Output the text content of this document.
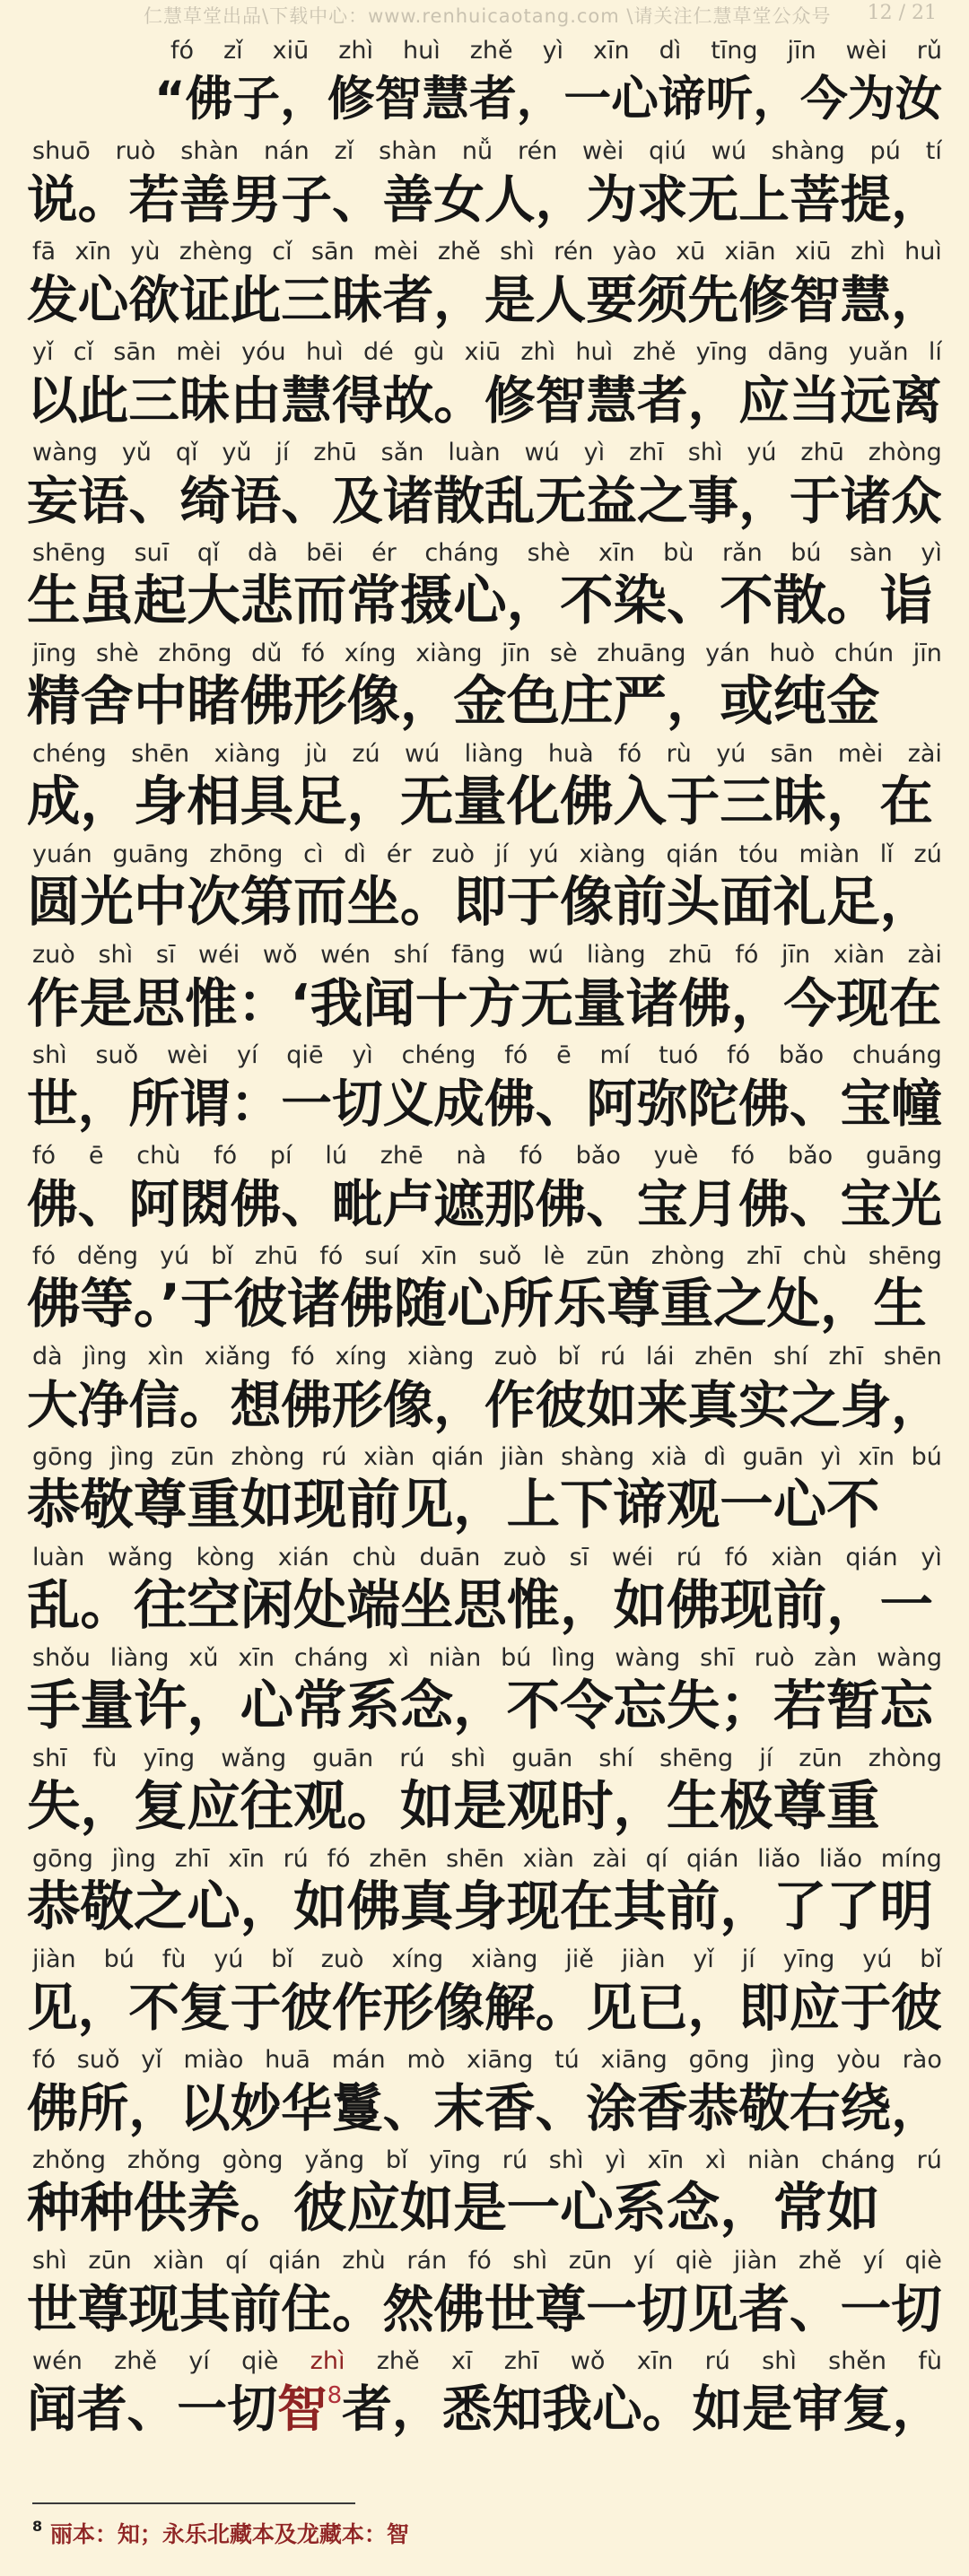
仁慧草堂出品\下载中心：www.renhuicaotang.com \请关注仁慧草堂公众号 12 / 21
fó zǐ xiū zhì huì zhě yì xīn dì tīng jīn wèi rǔ
“佛子，修智慧者，一心谛听，今为汝
shuō ruò shàn nán zǐ shàn nǚ rén wèi qiú wú shàng pú tí
说。若善男子、善女人，为求无上菩提，
fā xīn yù zhèng cǐ sān mèi zhě shì rén yào xū xiān xiū zhì huì
发心欲证此三昧者，是人要须先修智慧，
yǐ cǐ sān mèi yóu huì dé gù xiū zhì huì zhě yīng dāng yuǎn lí
以此三昧由慧得故。修智慧者，应当远离
wàng yǔ qǐ yǔ jí zhū sǎn luàn wú yì zhī shì yú zhū zhòng
妄语、绮语、及诸散乱无益之事，于诸众
shēng suī qǐ dà bēi ér cháng shè xīn bù rǎn bú sàn yì
生虽起大悲而常摄心，不染、不散。诣
jīng shè zhōng dǔ fó xíng xiàng jīn sè zhuāng yán huò chún jīn
精舍中睹佛形像，金色庄严，或纯金
chéng shēn xiàng jù zú wú liàng huà fó rù yú sān mèi zài
成，身相具足，无量化佛入于三昧，在
yuán guāng zhōng cì dì ér zuò jí yú xiàng qián tóu miàn lǐ zú
圆光中次第而坐。即于像前头面礼足，
zuò shì sī wéi wǒ wén shí fāng wú liàng zhū fó jīn xiàn zài
作是思惟：‘我闻十方无量诸佛，今现在
shì suǒ wèi yí qiē yì chéng fó ē mí tuó fó bǎo chuáng
世，所谓：一切义成佛、阿弥陀佛、宝幢
fó ē chù fó pí lú zhē nà fó bǎo yuè fó bǎo guāng
佛、阿閦佛、毗卢遮那佛、宝月佛、宝光
fó děng yú bǐ zhū fó suí xīn suǒ lè zūn zhòng zhī chù shēng
佛等。’于彼诸佛随心所乐尊重之处，生
dà jìng xìn xiǎng fó xíng xiàng zuò bǐ rú lái zhēn shí zhī shēn
大净信。想佛形像，作彼如来真实之身，
gōng jìng zūn zhòng rú xiàn qián jiàn shàng xià dì guān yì xīn bú
恭敬尊重如现前见，上下谛观一心不
luàn wǎng kòng xián chù duān zuò sī wéi rú fó xiàn qián yì
乱。往空闲处端坐思惟，如佛现前，一
shǒu liàng xǔ xīn cháng xì niàn bú lìng wàng shī ruò zàn wàng
手量许，心常系念，不令忘失；若暂忘
shī fù yīng wǎng guān rú shì guān shí shēng jí zūn zhòng
失，复应往观。如是观时，生极尊重
gōng jìng zhī xīn rú fó zhēn shēn xiàn zài qí qián liǎo liǎo míng
恭敬之心，如佛真身现在其前，了了明
jiàn bú fù yú bǐ zuò xíng xiàng jiě jiàn yǐ jí yīng yú bǐ
见，不复于彼作形像解。见已，即应于彼
fó suǒ yǐ miào huā mán mò xiāng tú xiāng gōng jìng yòu rào
佛所，以妙华鬘、末香、涂香恭敬右绕，
zhǒng zhǒng gòng yǎng bǐ yīng rú shì yì xīn xì niàn cháng rú
种种供养。彼应如是一心系念，常如
shì zūn xiàn qí qián zhù rán fó shì zūn yí qiè jiàn zhě yí qiè
世尊现其前住。然佛世尊一切见者、一切
wén zhě yí qiè zhì zhě xī zhī wǒ xīn rú shì shěn fù
闻者、一切智$^8$者，悉知我心。如是审复，
$^8$ 丽本：知；永乐北藏本及龙藏本：智
